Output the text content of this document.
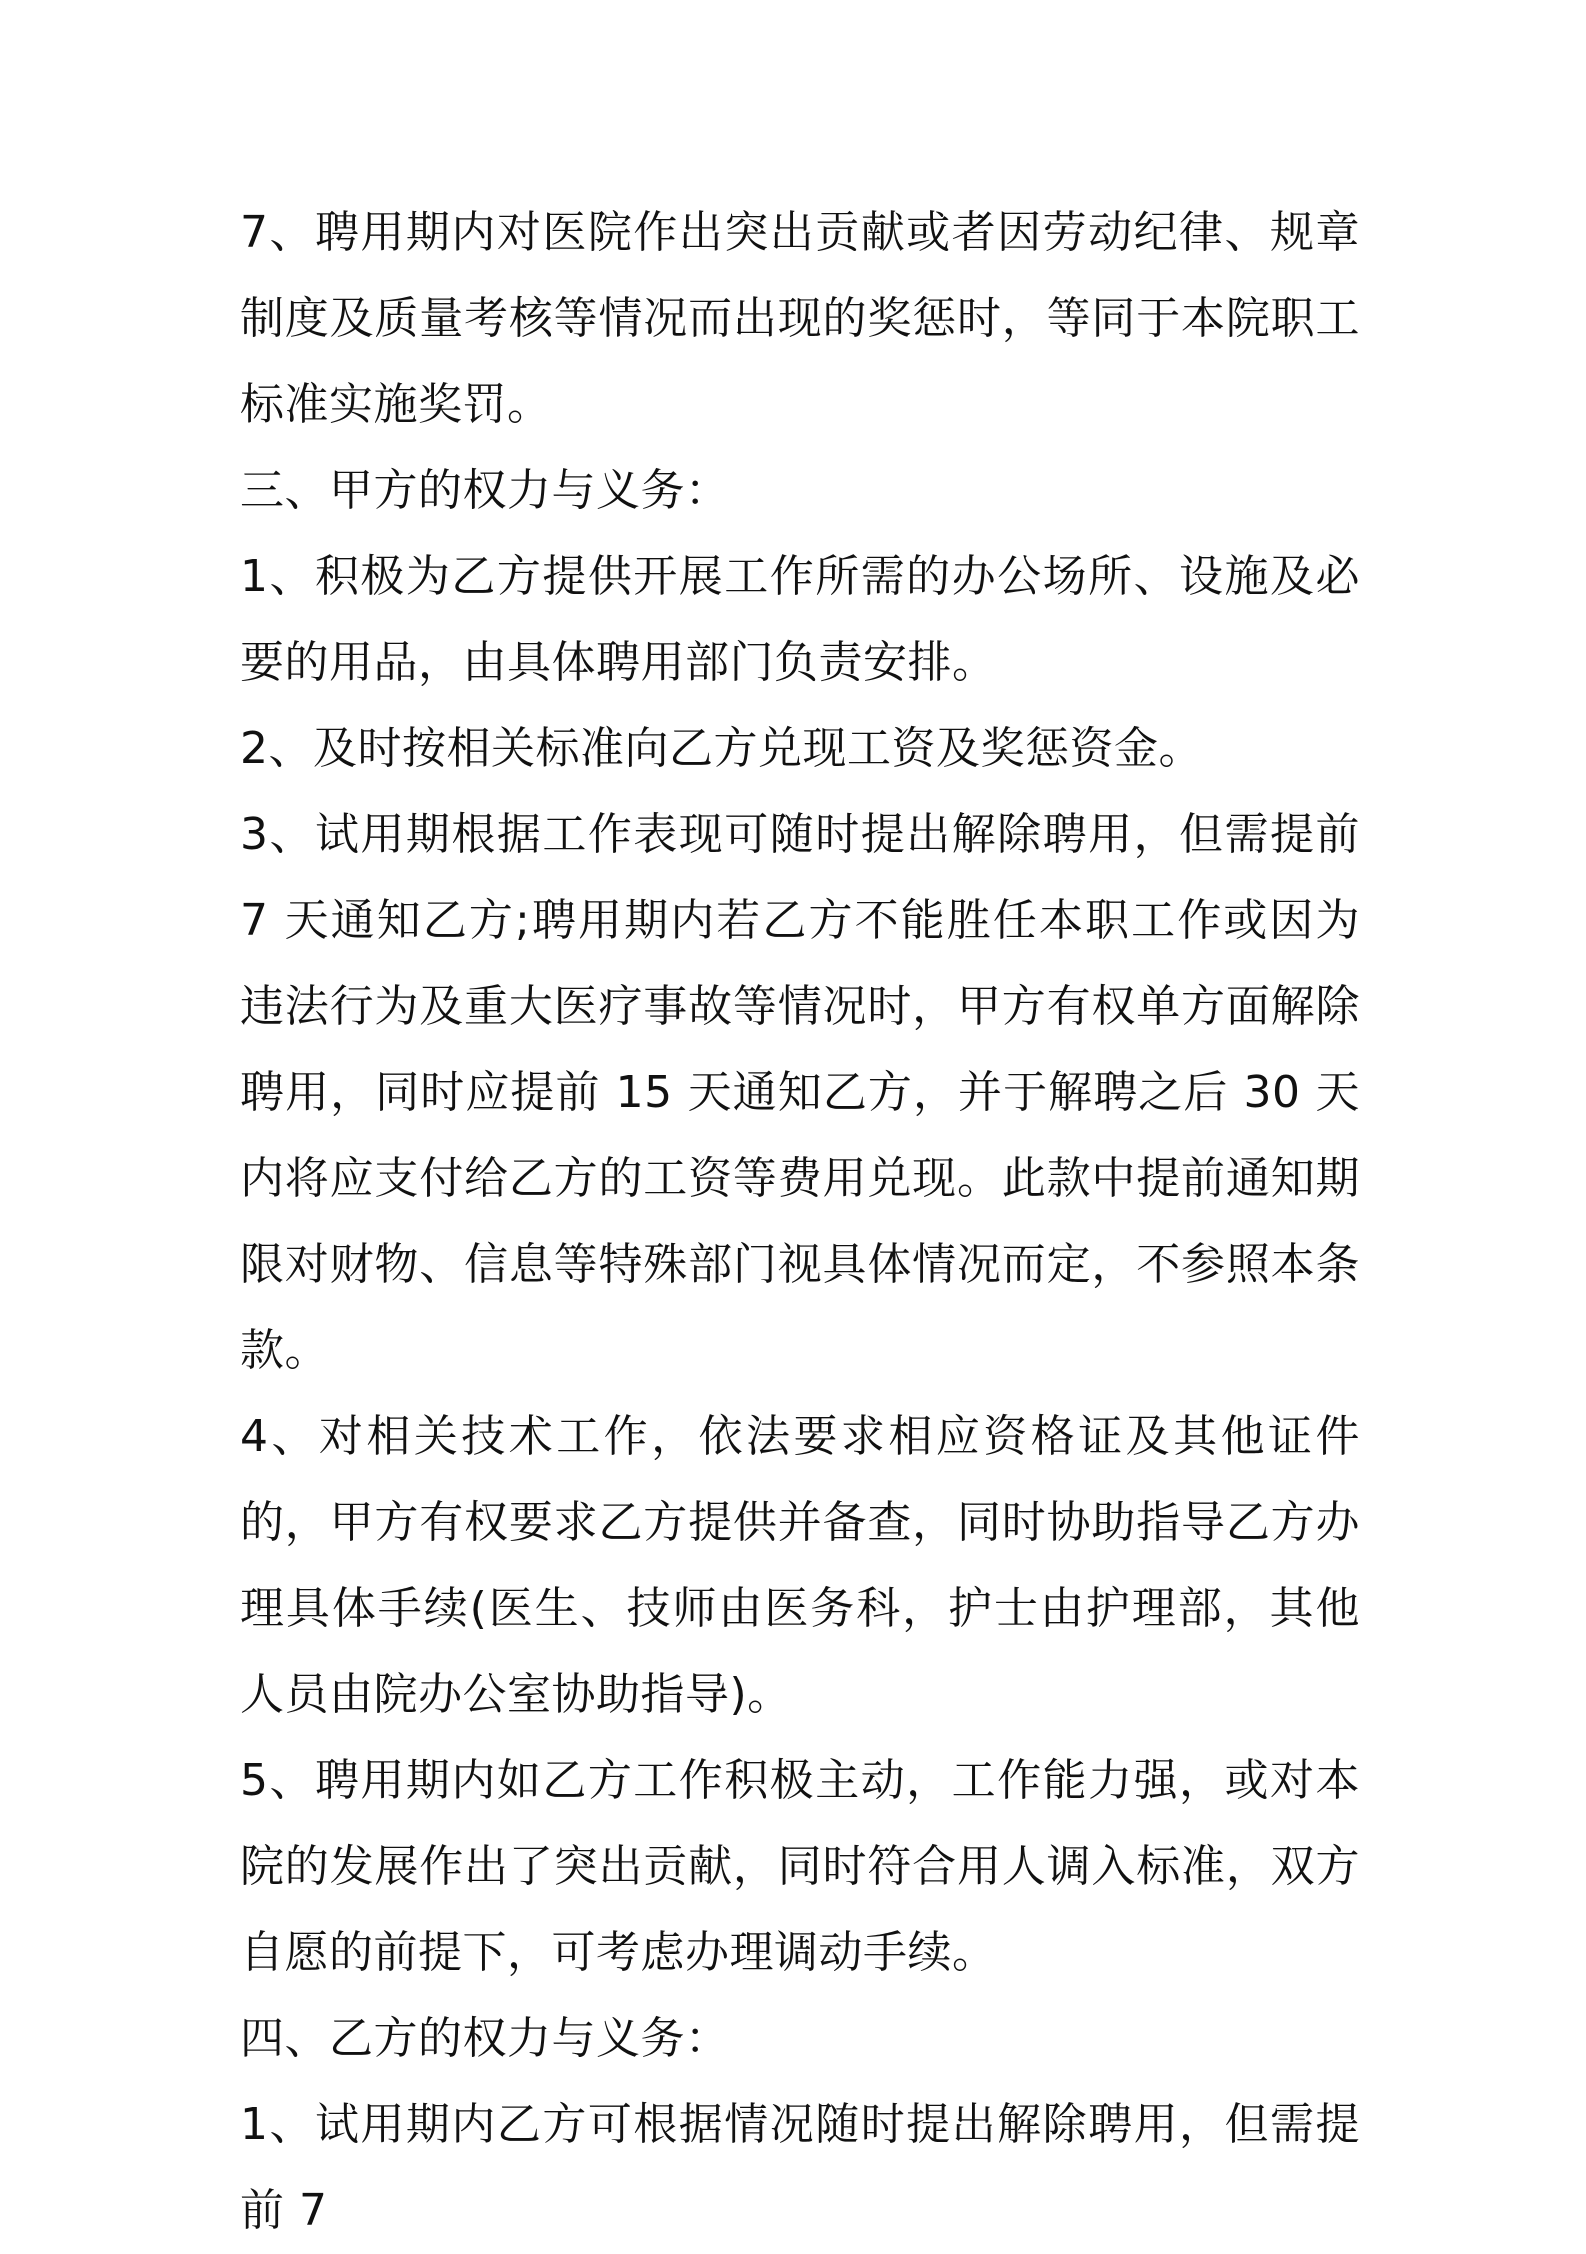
7、聘用期内对医院作出突出贡献或者因劳动纪律、规章制度及质量考核等情况而出现的奖惩时，等同于本院职工标准实施奖罚。

三、甲方的权力与义务：

1、积极为乙方提供开展工作所需的办公场所、设施及必要的用品，由具体聘用部门负责安排。

2、及时按相关标准向乙方兑现工资及奖惩资金。

3、试用期根据工作表现可随时提出解除聘用，但需提前 7 天通知乙方;聘用期内若乙方不能胜任本职工作或因为违法行为及重大医疗事故等情况时，甲方有权单方面解除聘用，同时应提前 15 天通知乙方，并于解聘之后 30 天内将应支付给乙方的工资等费用兑现。此款中提前通知期限对财物、信息等特殊部门视具体情况而定，不参照本条款。

4、对相关技术工作，依法要求相应资格证及其他证件的，甲方有权要求乙方提供并备查，同时协助指导乙方办理具体手续(医生、技师由医务科，护士由护理部，其他人员由院办公室协助指导)。

5、聘用期内如乙方工作积极主动，工作能力强，或对本院的发展作出了突出贡献，同时符合用人调入标准，双方自愿的前提下，可考虑办理调动手续。

四、乙方的权力与义务：

1、试用期内乙方可根据情况随时提出解除聘用，但需提前 7
